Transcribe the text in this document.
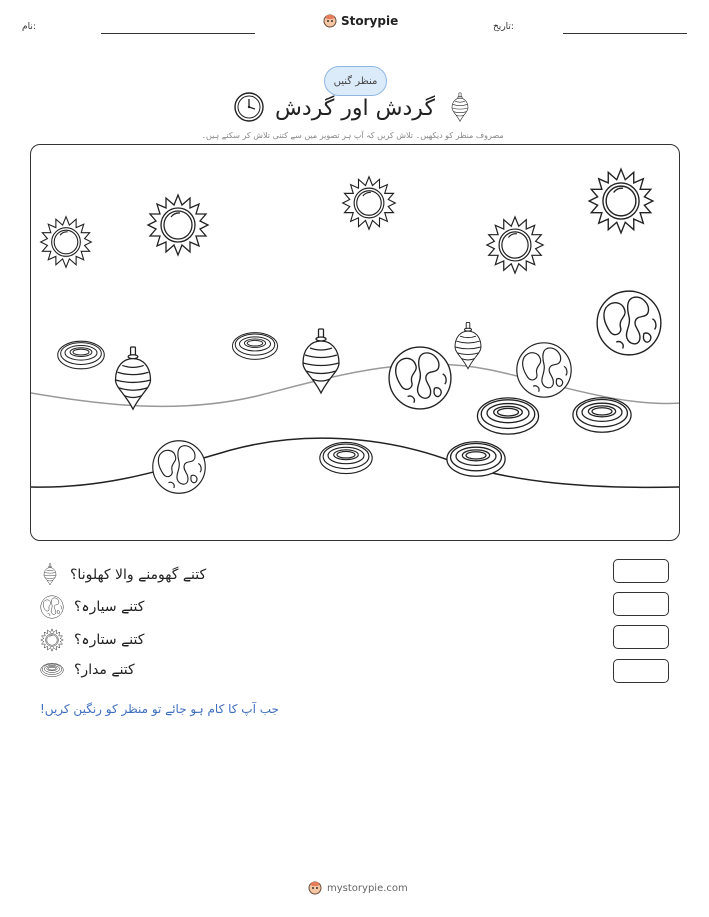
نام:	Storypie	تاریخ:
منظر گنیں
گردش اور گردش
مصروف منظر کو دیکھیں۔ تلاش کریں کہ آپ ہر تصویر میں سے کتنی تلاش کر سکتے ہیں۔
کتنے گھومنے والا کھلونا؟
کتنے سیارہ؟
کتنے ستارہ؟
کتنے مدار؟
جب آپ کا کام ہو جائے تو منظر کو رنگین کریں!
mystorypie.com
